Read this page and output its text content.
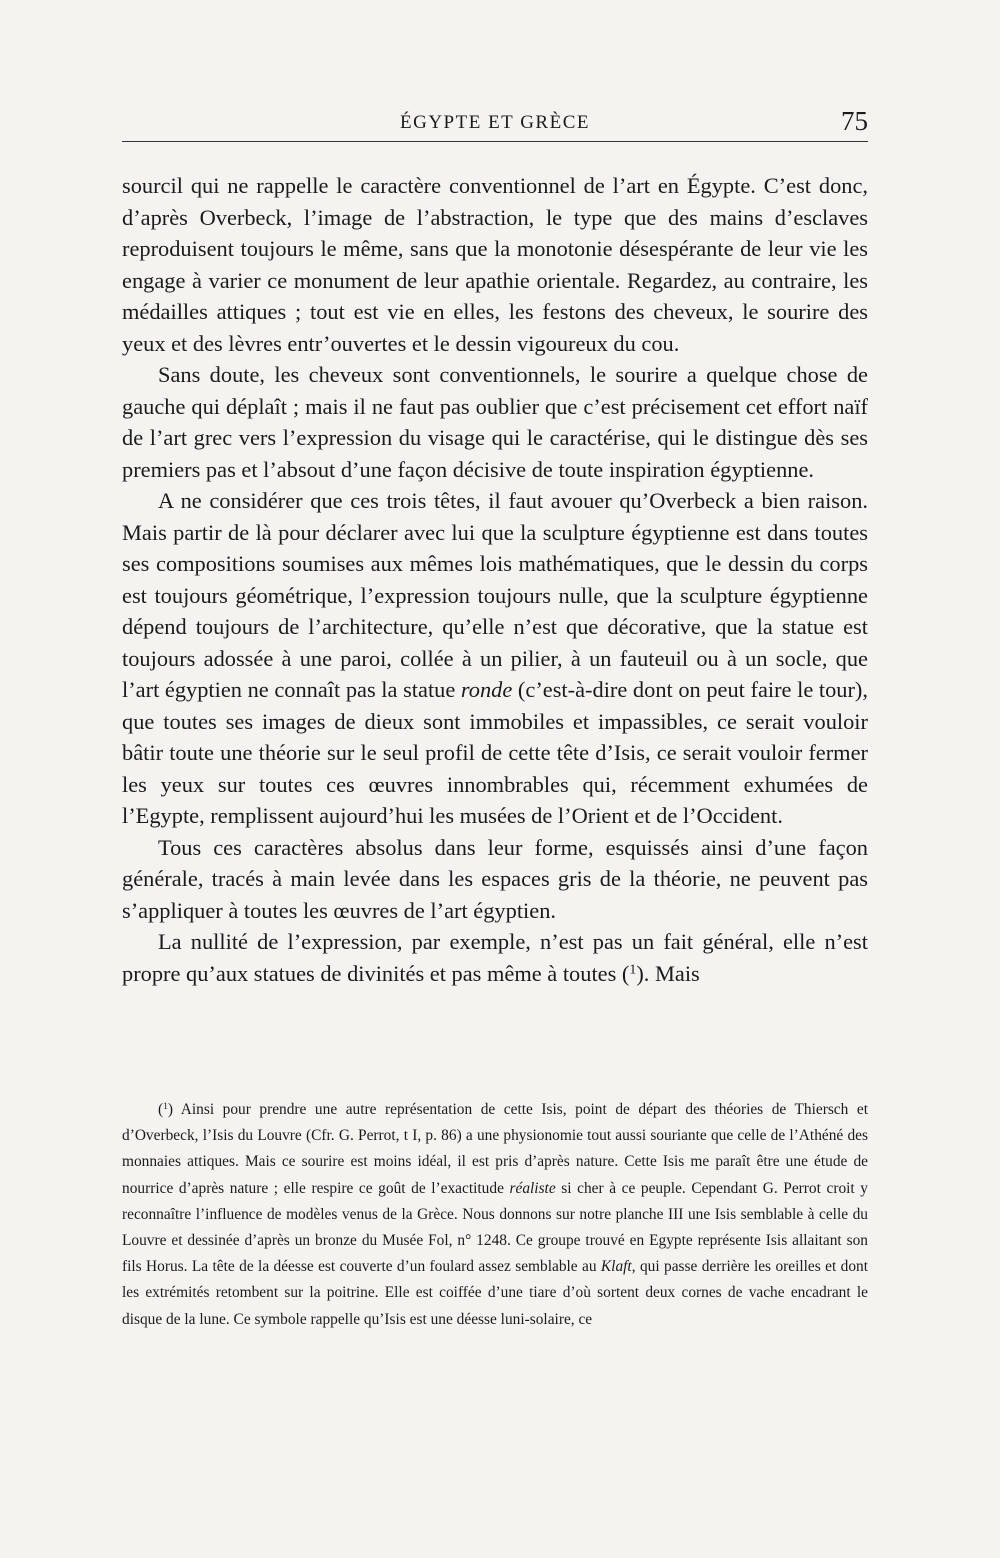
ÉGYPTE ET GRÈCE	75

sourcil qui ne rappelle le caractère conventionnel de l’art en Égypte. C’est donc, d’après Overbeck, l’image de l’abstraction, le type que des mains d’esclaves reproduisent toujours le même, sans que la monotonie désespérante de leur vie les engage à varier ce monument de leur apathie orientale. Regardez, au contraire, les médailles attiques ; tout est vie en elles, les festons des cheveux, le sourire des yeux et des lèvres entr’ouvertes et le dessin vigoureux du cou.

Sans doute, les cheveux sont conventionnels, le sourire a quelque chose de gauche qui déplaît ; mais il ne faut pas oublier que c’est précisement cet effort naïf de l’art grec vers l’expression du visage qui le caractérise, qui le distingue dès ses premiers pas et l’absout d’une façon décisive de toute inspiration égyptienne.

A ne considérer que ces trois têtes, il faut avouer qu’Overbeck a bien raison. Mais partir de là pour déclarer avec lui que la sculpture égyptienne est dans toutes ses compositions soumises aux mêmes lois mathématiques, que le dessin du corps est toujours géométrique, l’expression toujours nulle, que la sculpture égyptienne dépend toujours de l’architecture, qu’elle n’est que décorative, que la statue est toujours adossée à une paroi, collée à un pilier, à un fauteuil ou à un socle, que l’art égyptien ne connaît pas la statue ronde (c’est-à-dire dont on peut faire le tour), que toutes ses images de dieux sont immobiles et impassibles, ce serait vouloir bâtir toute une théorie sur le seul profil de cette tête d’Isis, ce serait vouloir fermer les yeux sur toutes ces œuvres innombrables qui, récemment exhumées de l’Egypte, remplissent aujourd’hui les musées de l’Orient et de l’Occident.

Tous ces caractères absolus dans leur forme, esquissés ainsi d’une façon générale, tracés à main levée dans les espaces gris de la théorie, ne peuvent pas s’appliquer à toutes les œuvres de l’art égyptien.

La nullité de l’expression, par exemple, n’est pas un fait général, elle n’est propre qu’aux statues de divinités et pas même à toutes ($^1$). Mais

($^1$) Ainsi pour prendre une autre représentation de cette Isis, point de départ des théories de Thiersch et d’Overbeck, l’Isis du Louvre (Cfr. G. Perrot, t I, p. 86) a une physionomie tout aussi souriante que celle de l’Athéné des monnaies attiques. Mais ce sourire est moins idéal, il est pris d’après nature. Cette Isis me paraît être une étude de nourrice d’après nature ; elle respire ce goût de l’exactitude réaliste si cher à ce peuple. Cependant G. Perrot croit y reconnaître l’influence de modèles venus de la Grèce. Nous donnons sur notre planche III une Isis semblable à celle du Louvre et dessinée d’après un bronze du Musée Fol, n° 1248. Ce groupe trouvé en Egypte représente Isis allaitant son fils Horus. La tête de la déesse est couverte d’un foulard assez semblable au Klaft, qui passe derrière les oreilles et dont les extrémités retombent sur la poitrine. Elle est coiffée d’une tiare d’où sortent deux cornes de vache encadrant le disque de la lune. Ce symbole rappelle qu’Isis est une déesse luni-solaire, ce
